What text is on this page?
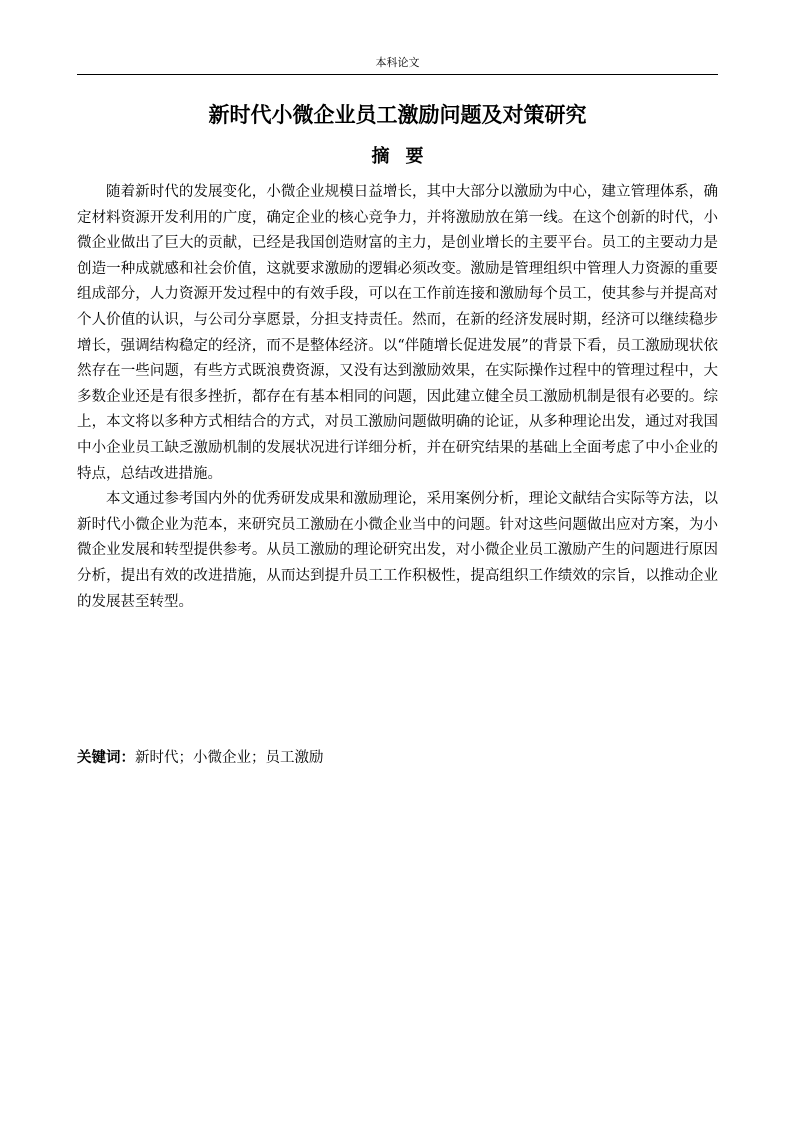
本科论文
新时代小微企业员工激励问题及对策研究
摘要

随着新时代的发展变化，小微企业规模日益增长，其中大部分以激励为中心，建立管理体系，确定材料资源开发利用的广度，确定企业的核心竞争力，并将激励放在第一线。在这个创新的时代，小微企业做出了巨大的贡献，已经是我国创造财富的主力，是创业增长的主要平台。员工的主要动力是创造一种成就感和社会价值，这就要求激励的逻辑必须改变。激励是管理组织中管理人力资源的重要组成部分，人力资源开发过程中的有效手段，可以在工作前连接和激励每个员工，使其参与并提高对个人价值的认识，与公司分享愿景，分担支持责任。然而，在新的经济发展时期，经济可以继续稳步增长，强调结构稳定的经济，而不是整体经济。以“伴随增长促进发展”的背景下看，员工激励现状依然存在一些问题，有些方式既浪费资源，又没有达到激励效果，在实际操作过程中的管理过程中，大多数企业还是有很多挫折，都存在有基本相同的问题，因此建立健全员工激励机制是很有必要的。综上，本文将以多种方式相结合的方式，对员工激励问题做明确的论证，从多种理论出发，通过对我国中小企业员工缺乏激励机制的发展状况进行详细分析，并在研究结果的基础上全面考虑了中小企业的特点，总结改进措施。

本文通过参考国内外的优秀研发成果和激励理论，采用案例分析，理论文献结合实际等方法，以新时代小微企业为范本，来研究员工激励在小微企业当中的问题。针对这些问题做出应对方案，为小微企业发展和转型提供参考。从员工激励的理论研究出发，对小微企业员工激励产生的问题进行原因分析，提出有效的改进措施，从而达到提升员工工作积极性，提高组织工作绩效的宗旨，以推动企业的发展甚至转型。

关键词：新时代；小微企业；员工激励
